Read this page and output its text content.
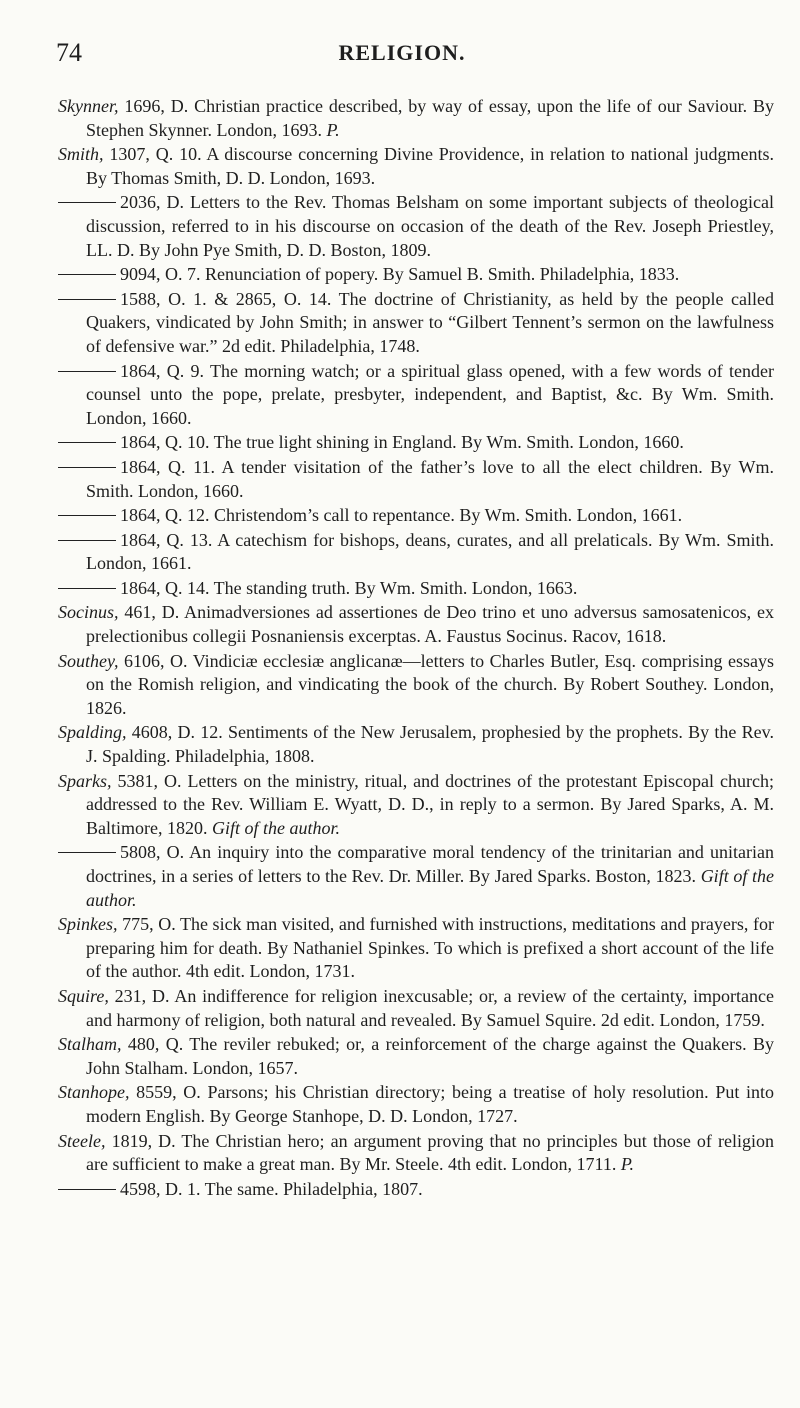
74	RELIGION.

Skynner, 1696, D. Christian practice described, by way of essay, upon the life of our Saviour. By Stephen Skynner. London, 1693. P.

Smith, 1307, Q. 10. A discourse concerning Divine Providence, in relation to national judgments. By Thomas Smith, D. D. London, 1693.

2036, D. Letters to the Rev. Thomas Belsham on some important subjects of theological discussion, referred to in his discourse on occasion of the death of the Rev. Joseph Priestley, LL. D. By John Pye Smith, D. D. Boston, 1809.

9094, O. 7. Renunciation of popery. By Samuel B. Smith. Philadelphia, 1833.

1588, O. 1. & 2865, O. 14. The doctrine of Christianity, as held by the people called Quakers, vindicated by John Smith; in answer to “Gilbert Tennent’s sermon on the lawfulness of defensive war.” 2d edit. Philadelphia, 1748.

1864, Q. 9. The morning watch; or a spiritual glass opened, with a few words of tender counsel unto the pope, prelate, presbyter, independent, and Baptist, &c. By Wm. Smith. London, 1660.

1864, Q. 10. The true light shining in England. By Wm. Smith. London, 1660.

1864, Q. 11. A tender visitation of the father’s love to all the elect children. By Wm. Smith. London, 1660.

1864, Q. 12. Christendom’s call to repentance. By Wm. Smith. London, 1661.

1864, Q. 13. A catechism for bishops, deans, curates, and all prelaticals. By Wm. Smith. London, 1661.

1864, Q. 14. The standing truth. By Wm. Smith. London, 1663.

Socinus, 461, D. Animadversiones ad assertiones de Deo trino et uno adversus samosatenicos, ex prelectionibus collegii Posnaniensis excerptas. A. Faustus Socinus. Racov, 1618.

Southey, 6106, O. Vindiciæ ecclesiæ anglicanæ—letters to Charles Butler, Esq. comprising essays on the Romish religion, and vindicating the book of the church. By Robert Southey. London, 1826.

Spalding, 4608, D. 12. Sentiments of the New Jerusalem, prophesied by the prophets. By the Rev. J. Spalding. Philadelphia, 1808.

Sparks, 5381, O. Letters on the ministry, ritual, and doctrines of the protestant Episcopal church; addressed to the Rev. William E. Wyatt, D. D., in reply to a sermon. By Jared Sparks, A. M. Baltimore, 1820. Gift of the author.

5808, O. An inquiry into the comparative moral tendency of the trinitarian and unitarian doctrines, in a series of letters to the Rev. Dr. Miller. By Jared Sparks. Boston, 1823. Gift of the author.

Spinkes, 775, O. The sick man visited, and furnished with instructions, meditations and prayers, for preparing him for death. By Nathaniel Spinkes. To which is prefixed a short account of the life of the author. 4th edit. London, 1731.

Squire, 231, D. An indifference for religion inexcusable; or, a review of the certainty, importance and harmony of religion, both natural and revealed. By Samuel Squire. 2d edit. London, 1759.

Stalham, 480, Q. The reviler rebuked; or, a reinforcement of the charge against the Quakers. By John Stalham. London, 1657.

Stanhope, 8559, O. Parsons; his Christian directory; being a treatise of holy resolution. Put into modern English. By George Stanhope, D. D. London, 1727.

Steele, 1819, D. The Christian hero; an argument proving that no principles but those of religion are sufficient to make a great man. By Mr. Steele. 4th edit. London, 1711. P.

4598, D. 1. The same. Philadelphia, 1807.
